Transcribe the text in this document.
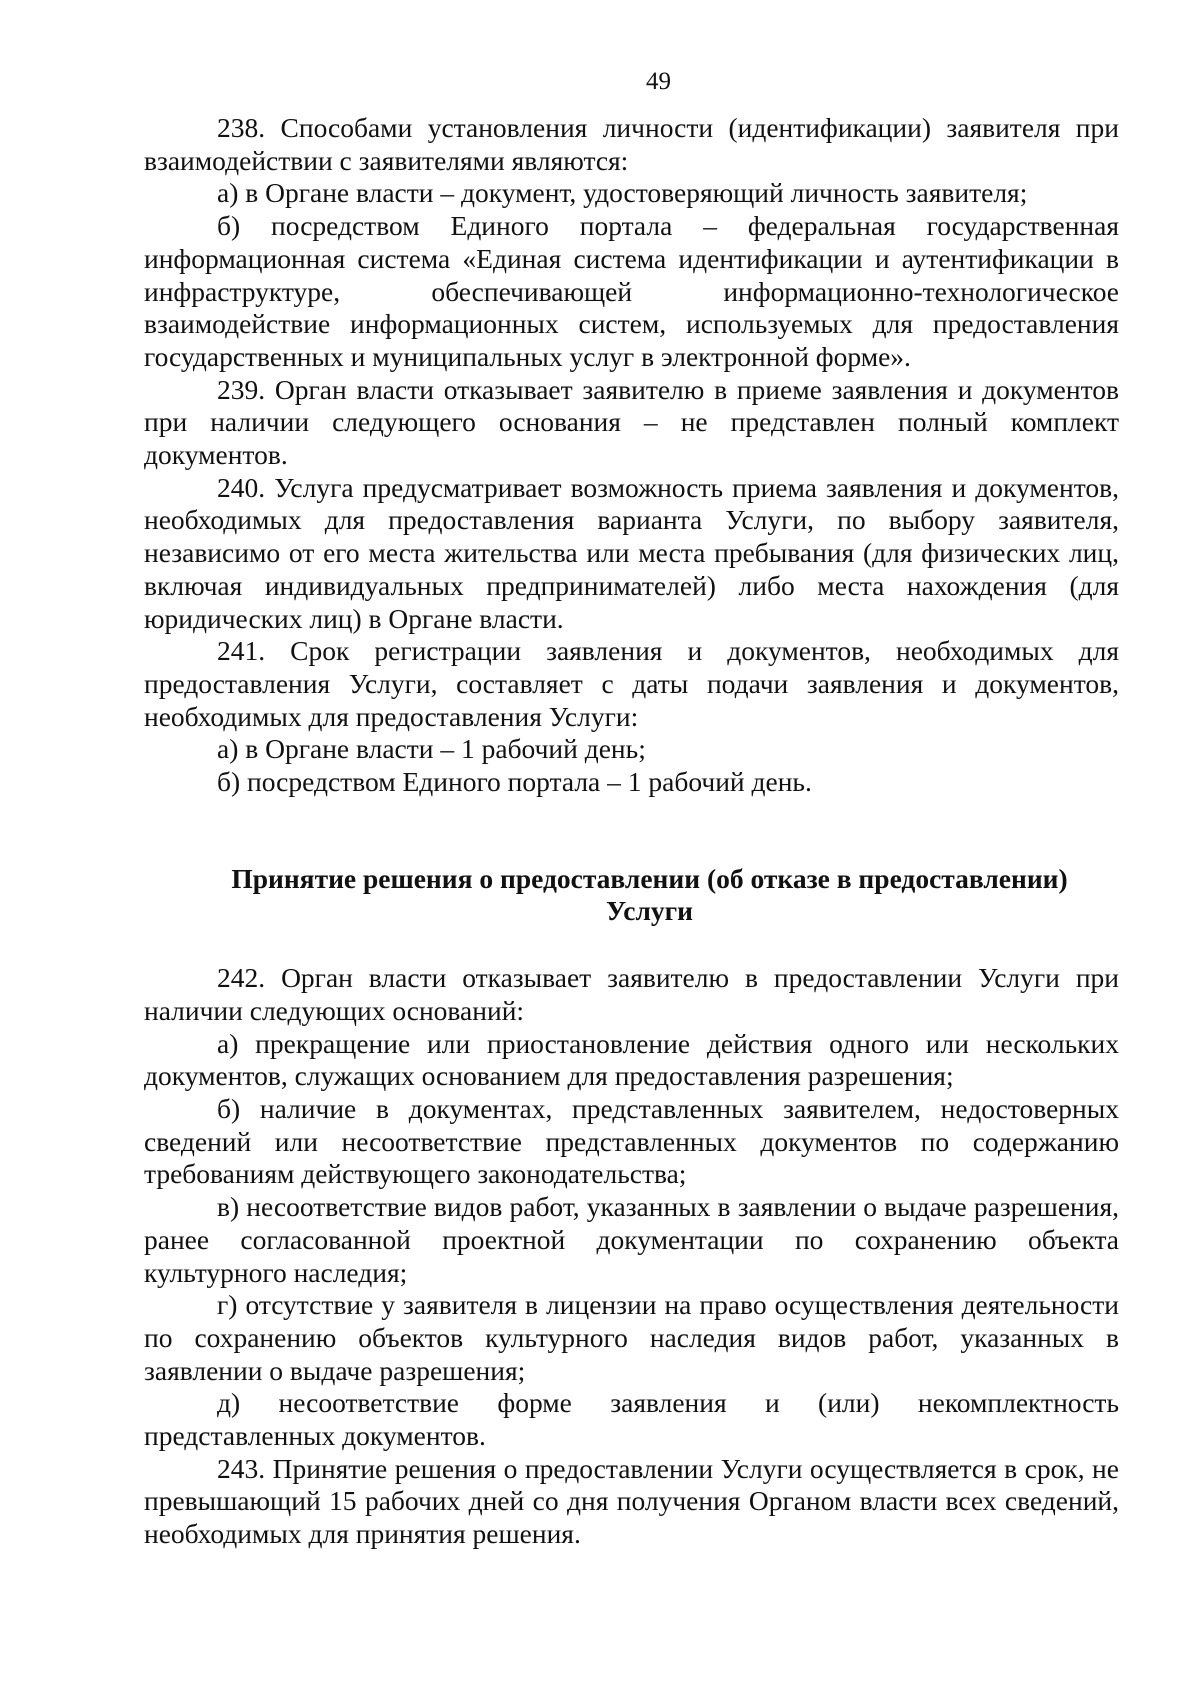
49

238. Способами установления личности (идентификации) заявителя при взаимодействии с заявителями являются:

а) в Органе власти – документ, удостоверяющий личность заявителя;

б) посредством Единого портала – федеральная государственная информационная система «Единая система идентификации и аутентификации в инфраструктуре, обеспечивающей информационно-технологическое взаимодействие информационных систем, используемых для предоставления государственных и муниципальных услуг в электронной форме».

239. Орган власти отказывает заявителю в приеме заявления и документов при наличии следующего основания – не представлен полный комплект документов.

240. Услуга предусматривает возможность приема заявления и документов, необходимых для предоставления варианта Услуги, по выбору заявителя, независимо от его места жительства или места пребывания (для физических лиц, включая индивидуальных предпринимателей) либо места нахождения (для юридических лиц) в Органе власти.

241. Срок регистрации заявления и документов, необходимых для предоставления Услуги, составляет с даты подачи заявления и документов, необходимых для предоставления Услуги:

а) в Органе власти – 1 рабочий день;

б) посредством Единого портала – 1 рабочий день.

Принятие решения о предоставлении (об отказе в предоставлении)
Услуги

242. Орган власти отказывает заявителю в предоставлении Услуги при наличии следующих оснований:

а) прекращение или приостановление действия одного или нескольких документов, служащих основанием для предоставления разрешения;

б) наличие в документах, представленных заявителем, недостоверных сведений или несоответствие представленных документов по содержанию требованиям действующего законодательства;

в) несоответствие видов работ, указанных в заявлении о выдаче разрешения, ранее согласованной проектной документации по сохранению объекта культурного наследия;

г) отсутствие у заявителя в лицензии на право осуществления деятельности по сохранению объектов культурного наследия видов работ, указанных в заявлении о выдаче разрешения;

д) несоответствие форме заявления и (или) некомплектность представленных документов.

243. Принятие решения о предоставлении Услуги осуществляется в срок, не превышающий 15 рабочих дней со дня получения Органом власти всех сведений, необходимых для принятия решения.
